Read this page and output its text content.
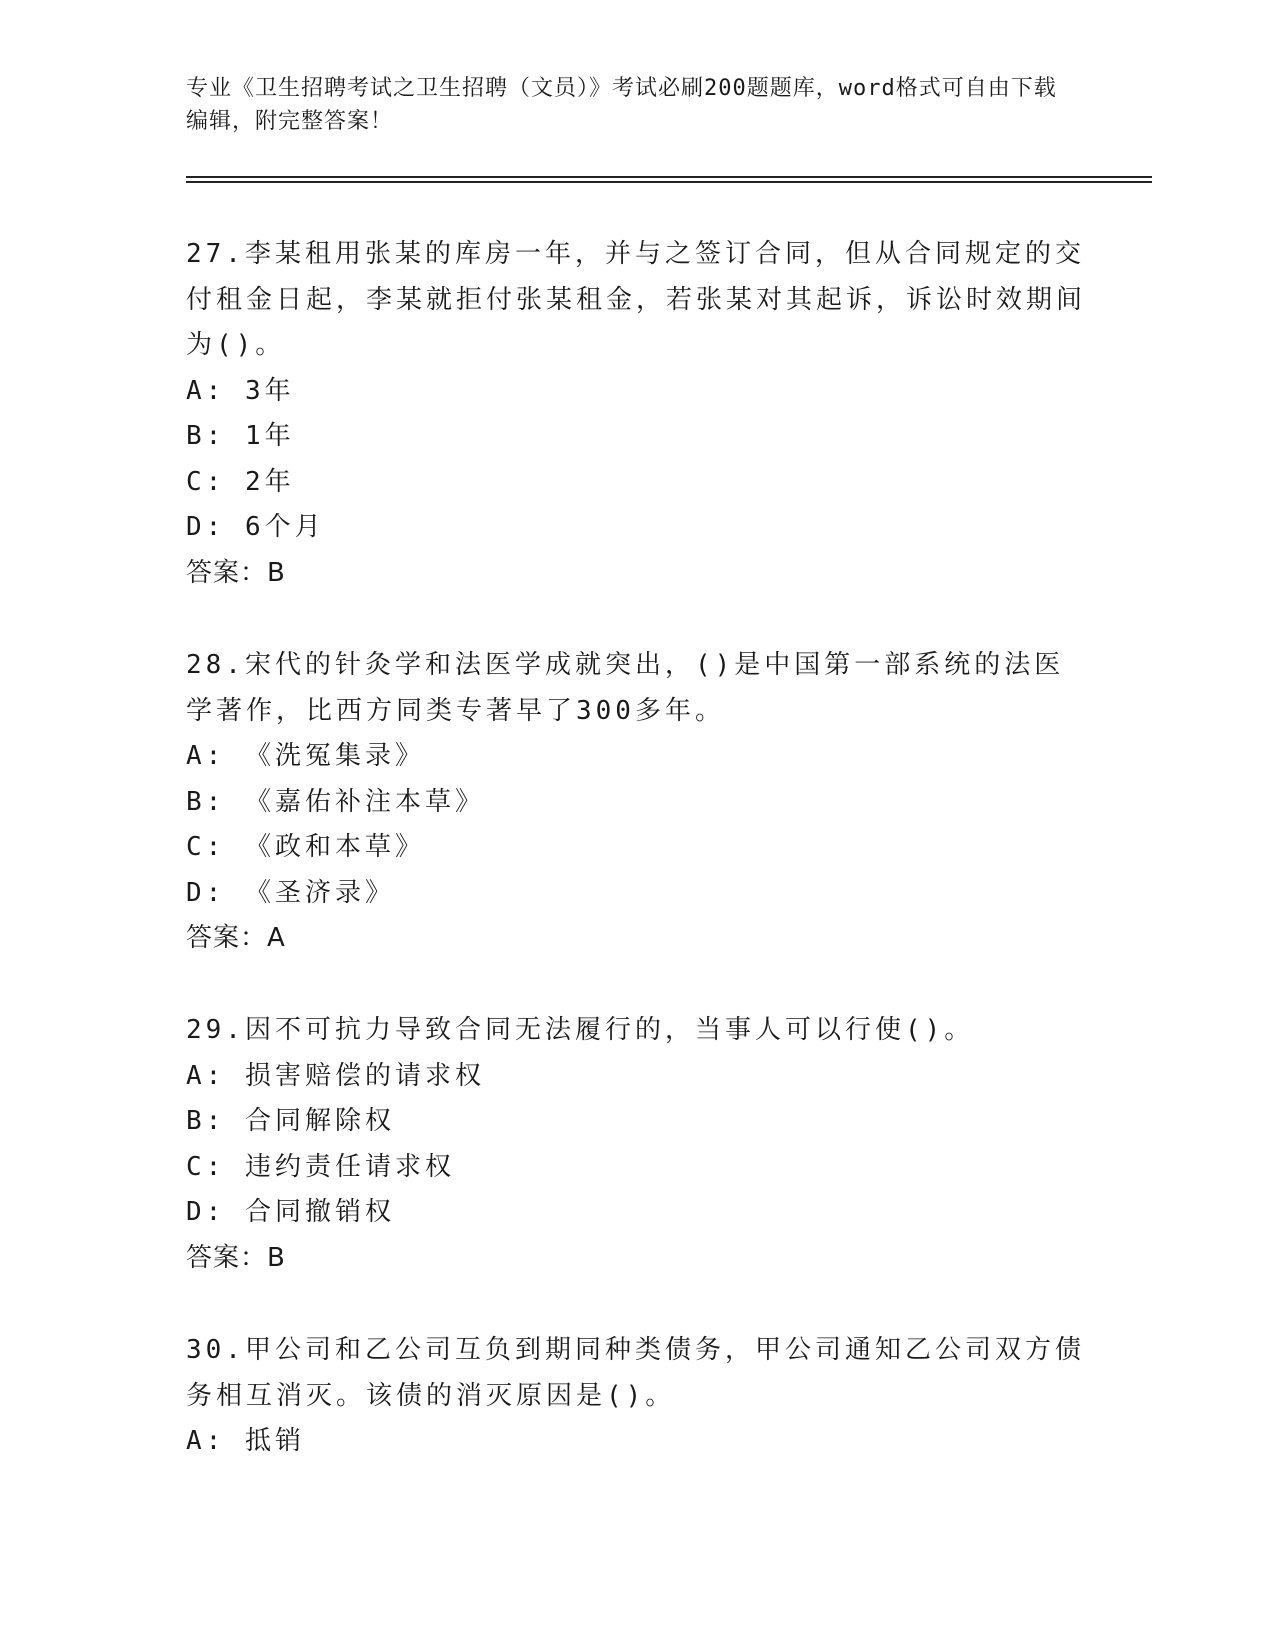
专业《卫生招聘考试之卫生招聘（文员）》考试必刷200题题库，word格式可自由下载编辑，附完整答案！

27.李某租用张某的库房一年，并与之签订合同，但从合同规定的交付租金日起，李某就拒付张某租金，若张某对其起诉，诉讼时效期间为()。

A: 3年

B: 1年

C: 2年

D: 6个月

答案：B

28.宋代的针灸学和法医学成就突出，()是中国第一部系统的法医学著作，比西方同类专著早了300多年。

A: 《洗冤集录》

B: 《嘉佑补注本草》

C: 《政和本草》

D: 《圣济录》

答案：A

29.因不可抗力导致合同无法履行的，当事人可以行使()。

A: 损害赔偿的请求权

B: 合同解除权

C: 违约责任请求权

D: 合同撤销权

答案：B

30.甲公司和乙公司互负到期同种类债务，甲公司通知乙公司双方债务相互消灭。该债的消灭原因是()。

A: 抵销
